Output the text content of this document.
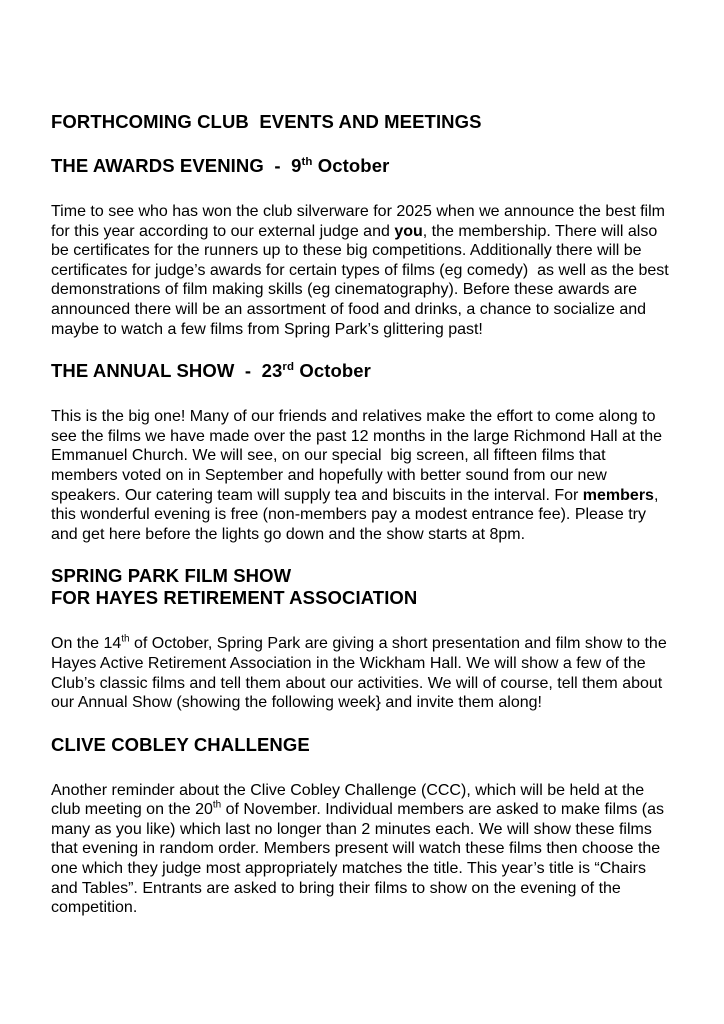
FORTHCOMING CLUB  EVENTS AND MEETINGS
THE AWARDS EVENING  -  9th October

Time to see who has won the club silverware for 2025 when we announce the best film for this year according to our external judge and you, the membership. There will also be certificates for the runners up to these big competitions. Additionally there will be certificates for judge’s awards for certain types of films (eg comedy)  as well as the best demonstrations of film making skills (eg cinematography). Before these awards are announced there will be an assortment of food and drinks, a chance to socialize and maybe to watch a few films from Spring Park’s glittering past!

THE ANNUAL SHOW  -  23rd October

This is the big one! Many of our friends and relatives make the effort to come along to see the films we have made over the past 12 months in the large Richmond Hall at the Emmanuel Church. We will see, on our special  big screen, all fifteen films that members voted on in September and hopefully with better sound from our new speakers. Our catering team will supply tea and biscuits in the interval. For members, this wonderful evening is free (non-members pay a modest entrance fee). Please try and get here before the lights go down and the show starts at 8pm.

SPRING PARK FILM SHOW
FOR HAYES RETIREMENT ASSOCIATION

On the 14th of October, Spring Park are giving a short presentation and film show to the Hayes Active Retirement Association in the Wickham Hall. We will show a few of the Club’s classic films and tell them about our activities. We will of course, tell them about our Annual Show (showing the following week} and invite them along!

CLIVE COBLEY CHALLENGE

Another reminder about the Clive Cobley Challenge (CCC), which will be held at the club meeting on the 20th of November. Individual members are asked to make films (as many as you like) which last no longer than 2 minutes each. We will show these films that evening in random order. Members present will watch these films then choose the one which they judge most appropriately matches the title. This year’s title is “Chairs and Tables”. Entrants are asked to bring their films to show on the evening of the competition.
